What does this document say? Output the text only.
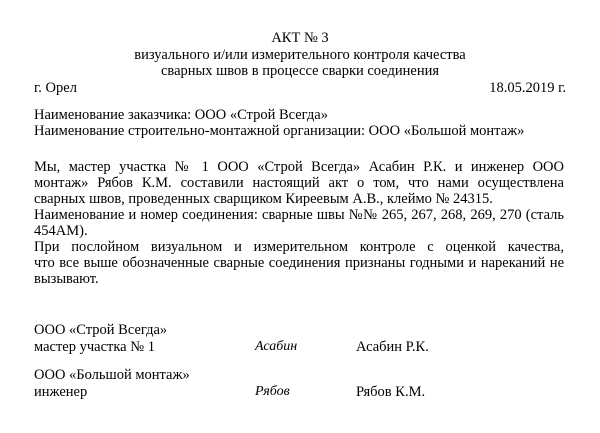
АКТ № 3
визуального и/или измерительного контроля качества
сварных швов в процессе сварки соединения
г. Орел	18.05.2019 г.
Наименование заказчика: ООО «Строй Всегда»
Наименование строительно-монтажной организации: ООО «Большой монтаж»
Мы, мастер участка № 1 ООО «Строй Всегда» Асабин Р.К. и инженер ООО
монтаж» Рябов К.М. составили настоящий акт о том, что нами осуществлена
сварных швов, проведенных сварщиком Киреевым А.В., клеймо № 24315.
Наименование и номер соединения: сварные швы №№ 265, 267, 268, 269, 270 (сталь
454АМ).
При послойном визуальном и измерительном контроле с оценкой качества,
что все выше обозначенные сварные соединения признаны годными и нареканий не
вызывают.
ООО «Строй Всегда»
мастер участка № 1	Асабин	Асабин Р.К.
ООО «Большой монтаж»
инженер	Рябов	Рябов К.М.
